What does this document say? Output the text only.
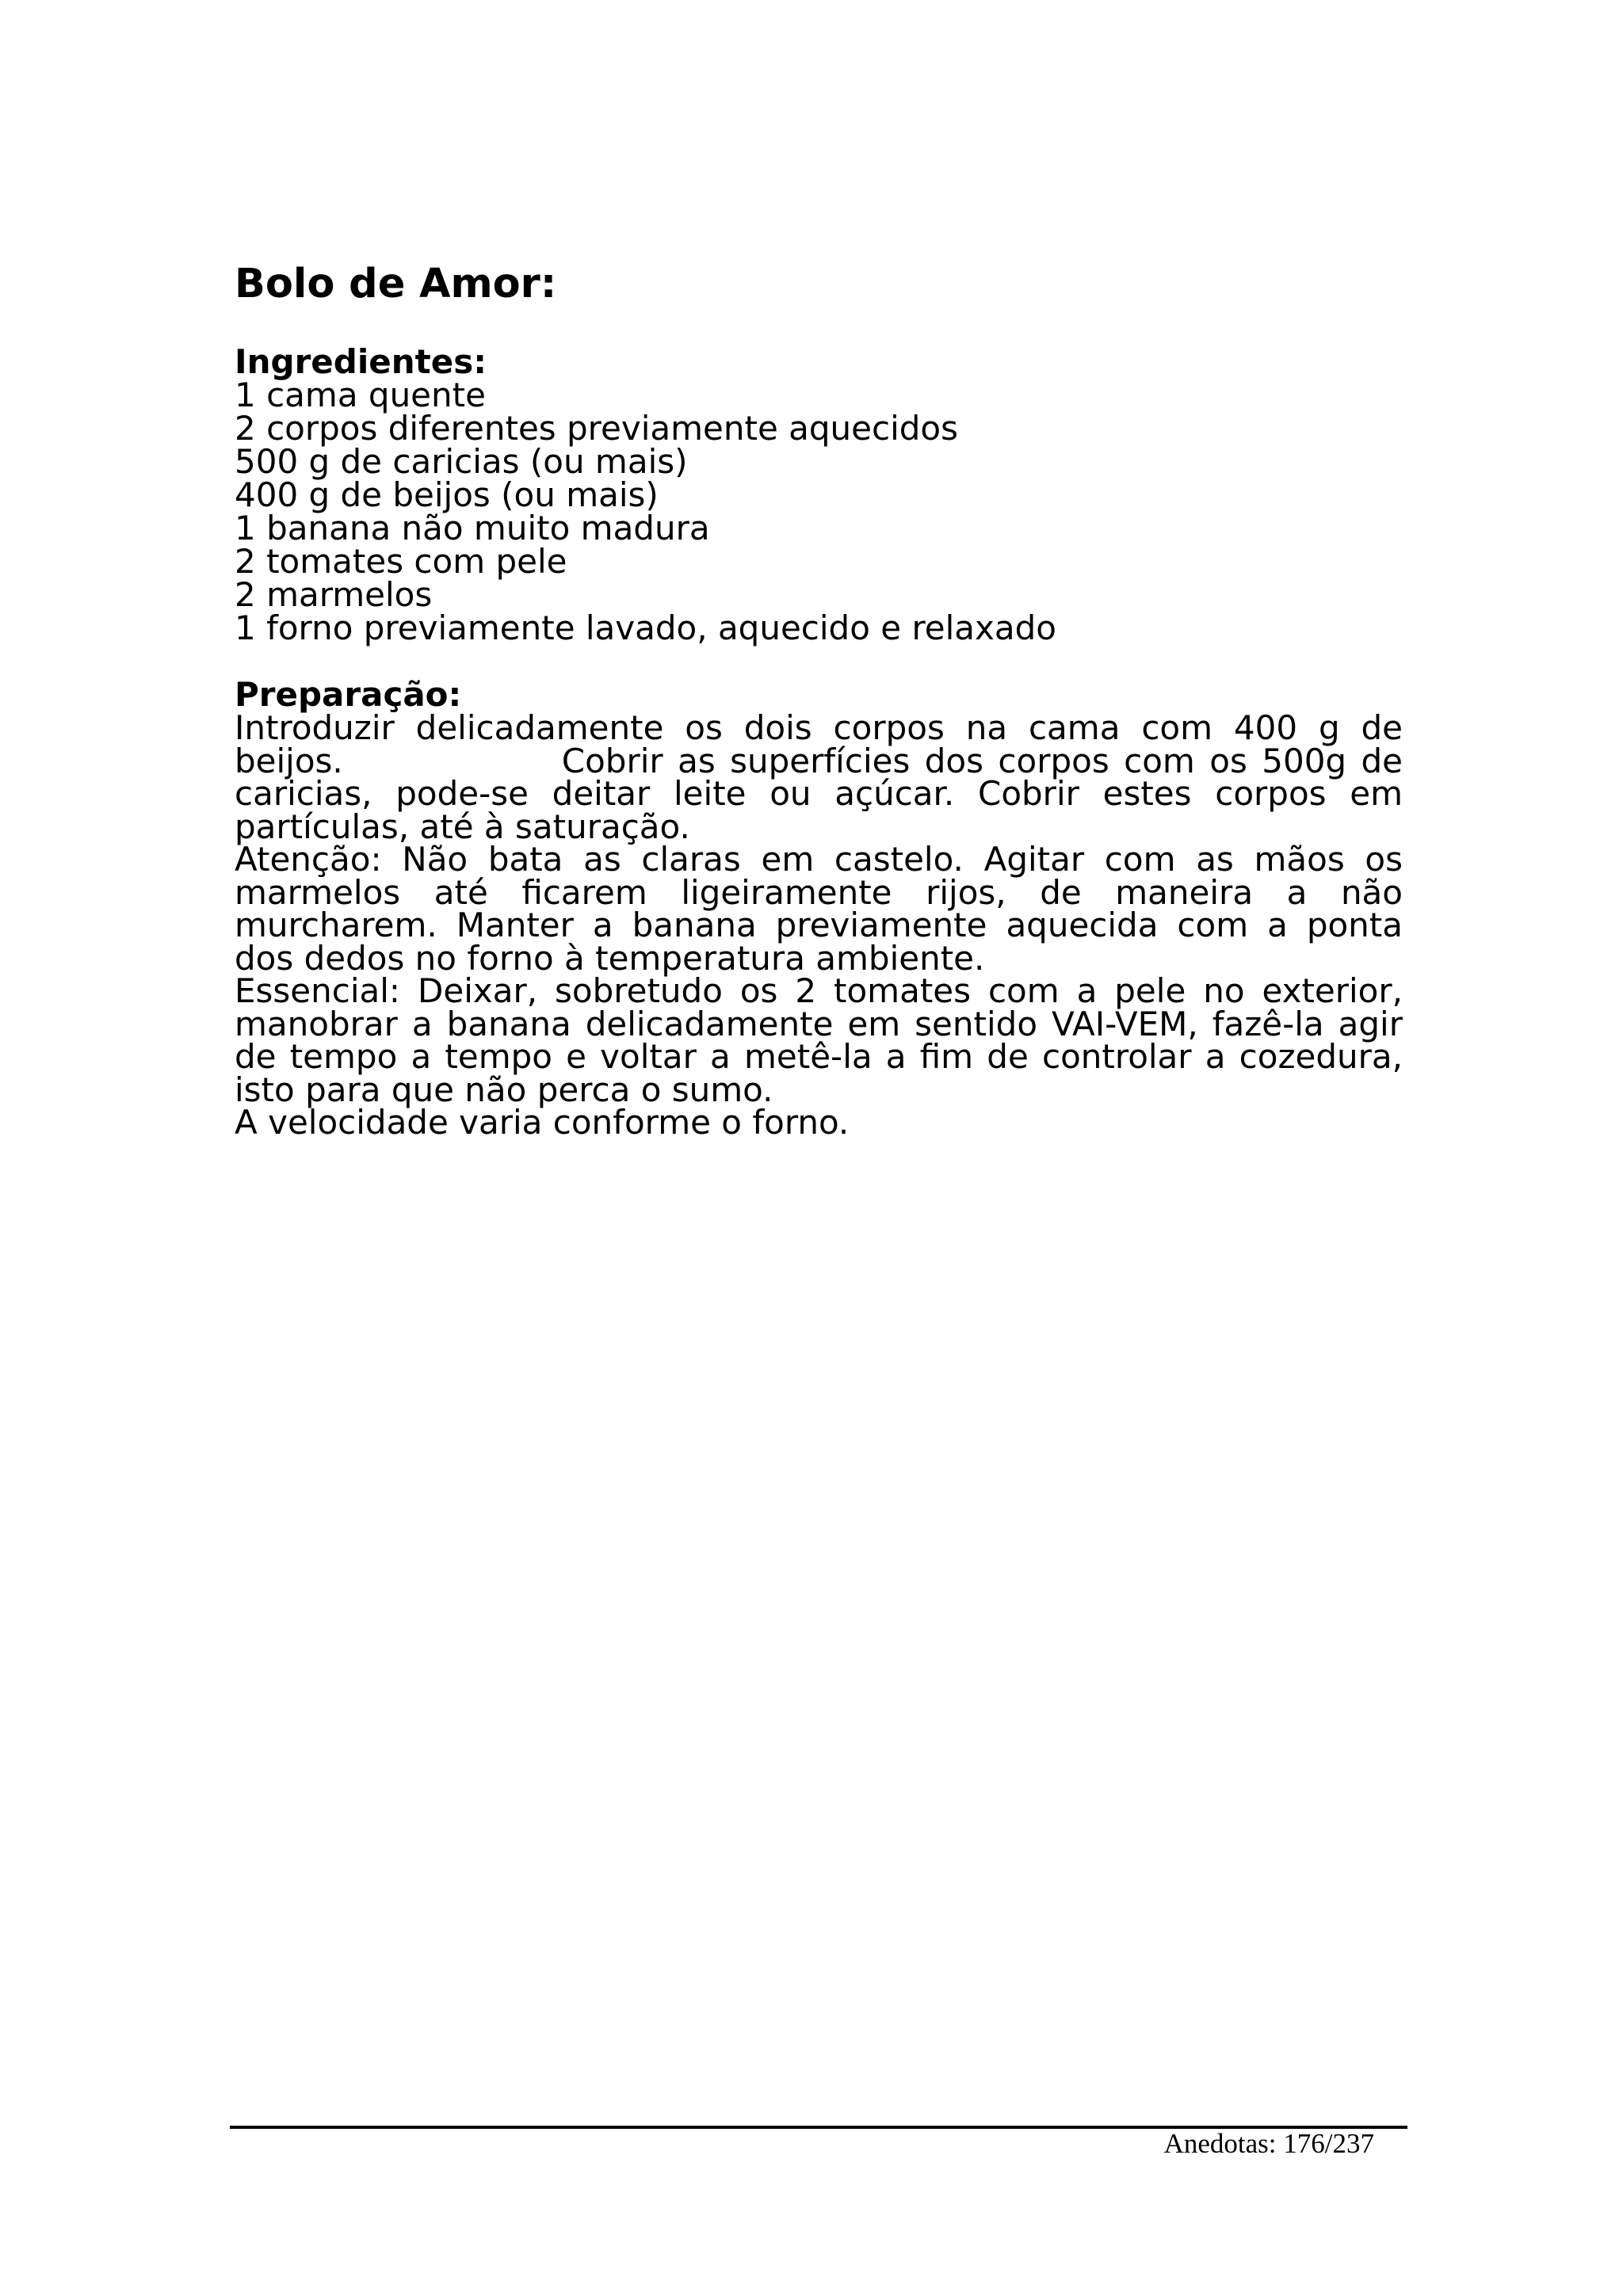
Bolo de Amor:
Ingredientes:
1 cama quente
2 corpos diferentes previamente aquecidos
500 g de caricias (ou mais)
400 g de beijos (ou mais)
1 banana não muito madura
2 tomates com pele
2 marmelos
1 forno previamente lavado, aquecido e relaxado
Preparação:

Introduzir delicadamente os dois corpos na cama com 400 g de beijos.	Cobrir as superfícies dos corpos com os 500g de caricias, pode-se deitar leite ou açúcar. Cobrir estes corpos em partículas, até à saturação.

Atenção: Não bata as claras em castelo. Agitar com as mãos os marmelos até ficarem ligeiramente rijos, de maneira a não murcharem. Manter a banana previamente aquecida com a ponta dos dedos no forno à temperatura ambiente.

Essencial: Deixar, sobretudo os 2 tomates com a pele no exterior, manobrar a banana delicadamente em sentido VAI-VEM, fazê-la agir de tempo a tempo e voltar a metê-la a fim de controlar a cozedura, isto para que não perca o sumo.

A velocidade varia conforme o forno.

Anedotas: 176/237
